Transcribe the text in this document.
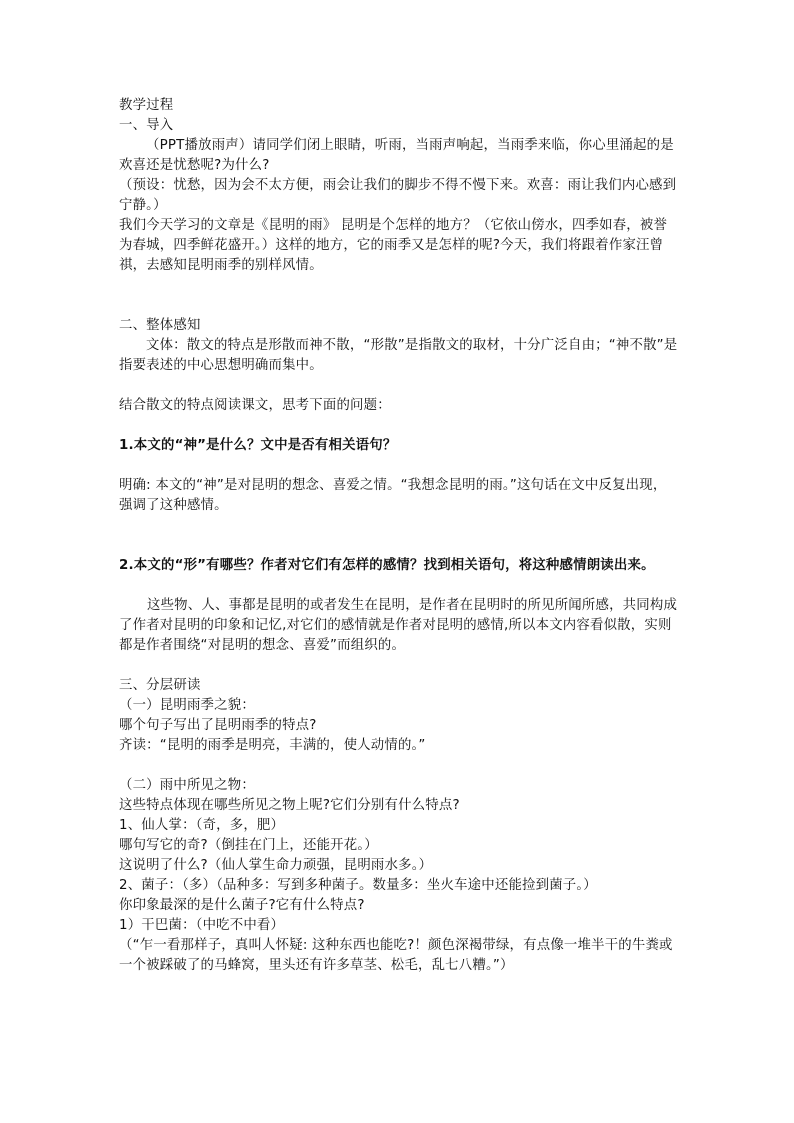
教学过程

一、导入

（PPT播放雨声）请同学们闭上眼睛，听雨，当雨声响起，当雨季来临，你心里涌起的是欢喜还是忧愁呢?为什么?

（预设：忧愁，因为会不太方便，雨会让我们的脚步不得不慢下来。欢喜：雨让我们内心感到宁静。）

我们今天学习的文章是《昆明的雨》 昆明是个怎样的地方？（它依山傍水，四季如春，被誉为春城，四季鲜花盛开。）这样的地方，它的雨季又是怎样的呢?今天，我们将跟着作家汪曾祺，去感知昆明雨季的别样风情。

二、整体感知

文体：散文的特点是形散而神不散，“形散”是指散文的取材，十分广泛自由；“神不散”是指要表述的中心思想明确而集中。

结合散文的特点阅读课文，思考下面的问题：

1.本文的“神”是什么？文中是否有相关语句？

明确: 本文的“神”是对昆明的想念、喜爱之情。“我想念昆明的雨。”这句话在文中反复出现，强调了这种感情。

2.本文的“形”有哪些？作者对它们有怎样的感情？找到相关语句，将这种感情朗读出来。

这些物、人、事都是昆明的或者发生在昆明，是作者在昆明时的所见所闻所感，共同构成了作者对昆明的印象和记忆,对它们的感情就是作者对昆明的感情,所以本文内容看似散，实则都是作者围绕“对昆明的想念、喜爱”而组织的。

三、分层研读

（一）昆明雨季之貌：

哪个句子写出了昆明雨季的特点?

齐读：“昆明的雨季是明亮，丰满的，使人动情的。”

（二）雨中所见之物：

这些特点体现在哪些所见之物上呢?它们分别有什么特点?

1、仙人掌：（奇，多，肥）

哪句写它的奇?（倒挂在门上，还能开花。）

这说明了什么?（仙人掌生命力顽强，昆明雨水多。）

2、菌子：（多）（品种多：写到多种菌子。数量多：坐火车途中还能捡到菌子。）

你印象最深的是什么菌子?它有什么特点?

1）干巴菌：（中吃不中看）

（“乍一看那样子，真叫人怀疑: 这种东西也能吃?！颜色深褐带绿，有点像一堆半干的牛粪或一个被踩破了的马蜂窝，里头还有许多草茎、松毛，乱七八糟。”）
